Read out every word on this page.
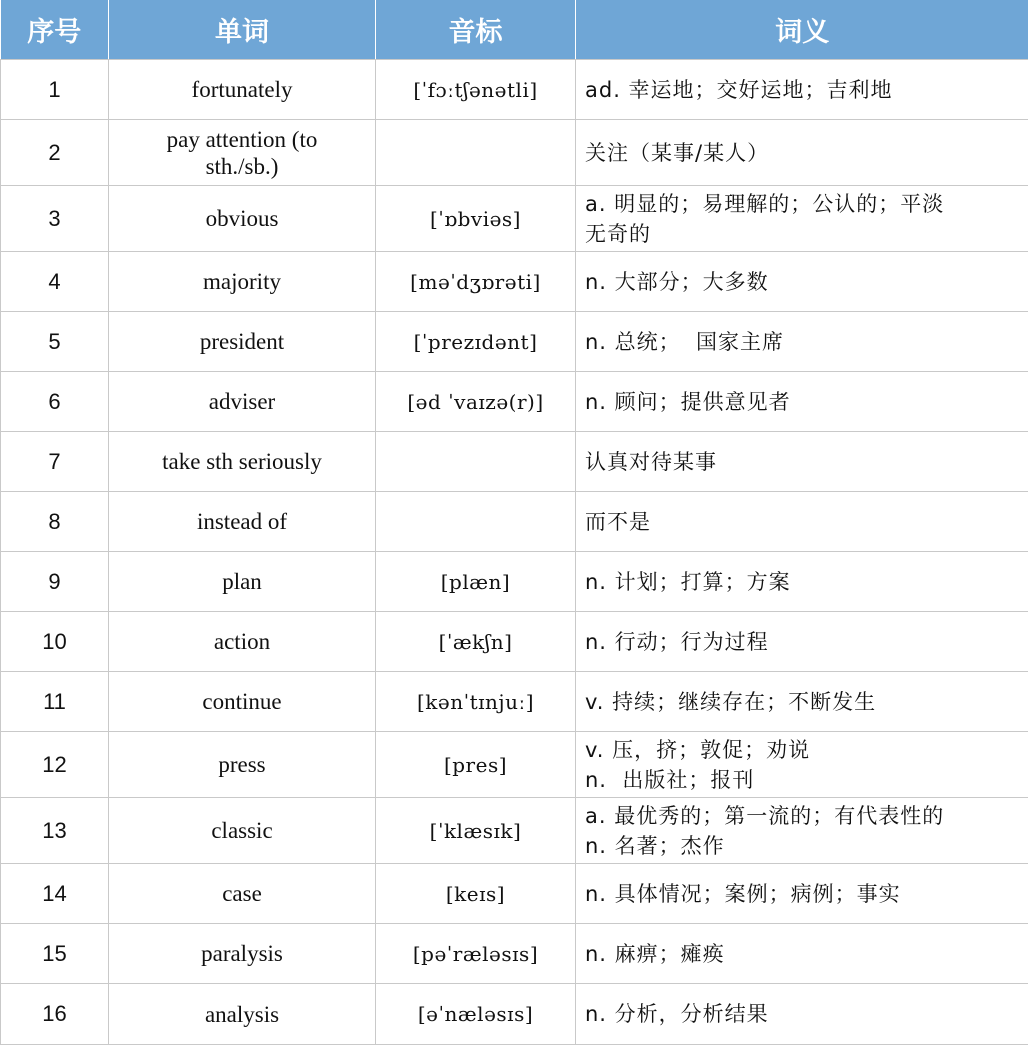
序号	单词	音标	词义
1	fortunately	[ˈfɔːtʃənətli]	ad. 幸运地；交好运地；吉利地

2	pay attention (to sth./sb.)		关注（某事/某人）

3	obvious	[ˈɒbviəs]	a. 明显的；易理解的；公认的；平淡
无奇的

4	majority	[məˈdʒɒrəti]	n. 大部分；大多数

5	president	[ˈprezɪdənt]	n. 总统；  国家主席

6	adviser	[əd ˈvaɪzə(r)]	n. 顾问；提供意见者

7	take sth seriously		认真对待某事

8	instead of		而不是

9	plan	[plæn]	n. 计划；打算；方案

10	action	[ˈækʃn]	n. 行动；行为过程

11	continue	[kənˈtɪnjuː]	v. 持续；继续存在；不断发生

12	press	[pres]	v. 压，挤；敦促；劝说
n.  出版社；报刊

13	classic	[ˈklæsɪk]	a. 最优秀的；第一流的；有代表性的
n. 名著；杰作

14	case	[keɪs]	n. 具体情况；案例；病例；事实

15	paralysis	[pəˈræləsɪs]	n. 麻痹；瘫痪

16	analysis	[əˈnæləsɪs]	n. 分析，分析结果
